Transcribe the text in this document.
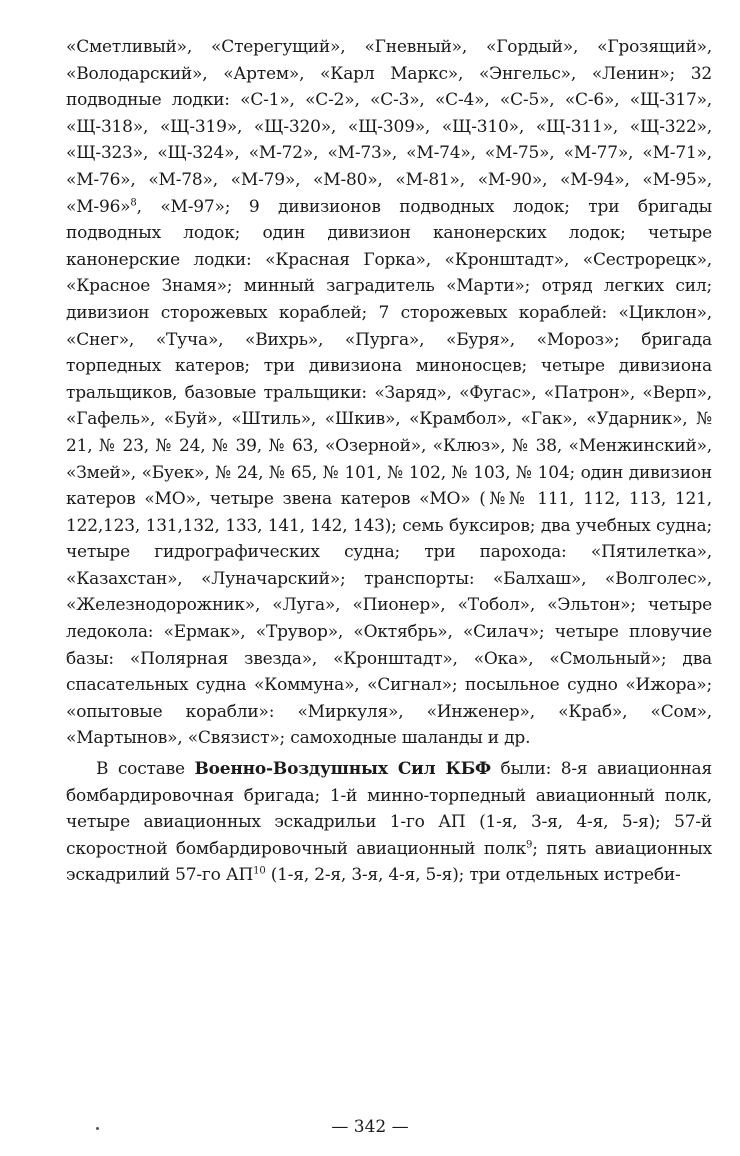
«Сметливый», «Стерегущий», «Гневный», «Гордый», «Грозящий», «Володарский», «Артем», «Карл Маркс», «Энгельс», «Ленин»; 32 подводные лодки: «С-1», «С-2», «С-3», «С-4», «С-5», «С-6», «Щ-317», «Щ-318», «Щ-319», «Щ-320», «Щ-309», «Щ-310», «Щ-311», «Щ-322», «Щ-323», «Щ-324», «М-72», «М-73», «М-74», «М-75», «М-77», «М-71», «М-76», «М-78», «М-79», «М-80», «М-81», «М-90», «М-94», «М-95», «М-96»$^8$, «М-97»; 9 дивизионов подводных лодок; три бригады подводных лодок; один дивизион канонерских лодок; четыре канонерские лодки: «Красная Горка», «Кронштадт», «Сестрорецк», «Красное Знамя»; минный заградитель «Марти»; отряд легких сил; дивизион сторожевых кораблей; 7 сторожевых кораблей: «Циклон», «Снег», «Туча», «Вихрь», «Пурга», «Буря», «Мороз»; бригада торпедных катеров; три дивизиона миноносцев; четыре дивизиона тральщиков, базовые тральщики: «Заряд», «Фугас», «Патрон», «Верп», «Гафель», «Буй», «Штиль», «Шкив», «Крамбол», «Гак», «Ударник», № 21, № 23, № 24, № 39, № 63, «Озерной», «Клюз», № 38, «Менжинский», «Змей», «Буек», № 24, № 65, № 101, № 102, № 103, № 104; один дивизион катеров «МО», четыре звена катеров «МО» (№№ 111, 112, 113, 121, 122,123, 131,132, 133, 141, 142, 143); семь буксиров; два учебных судна; четыре гидрографических судна; три парохода: «Пятилетка», «Казахстан», «Луначарский»; транспорты: «Балхаш», «Волголес», «Железнодорожник», «Луга», «Пионер», «Тобол», «Эльтон»; четыре ледокола: «Ермак», «Трувор», «Октябрь», «Силач»; четыре пловучие базы: «Полярная звезда», «Кронштадт», «Ока», «Смольный»; два спасательных судна «Коммуна», «Сигнал»; посыльное судно «Ижора»; «опытовые корабли»: «Миркуля», «Инженер», «Краб», «Сом», «Мартынов», «Связист»; самоходные шаланды и др.

В составе Военно-Воздушных Сил КБФ были: 8-я авиационная бомбардировочная бригада; 1-й минно-торпедный авиационный полк, четыре авиационных эскадрильи 1-го АП (1-я, 3-я, 4-я, 5-я); 57-й скоростной бомбардировочный авиационный полк$^9$; пять авиационных эскадрилий 57-го АП$^{10}$ (1-я, 2-я, 3-я, 4-я, 5-я); три отдельных истреби-

— 342 —
